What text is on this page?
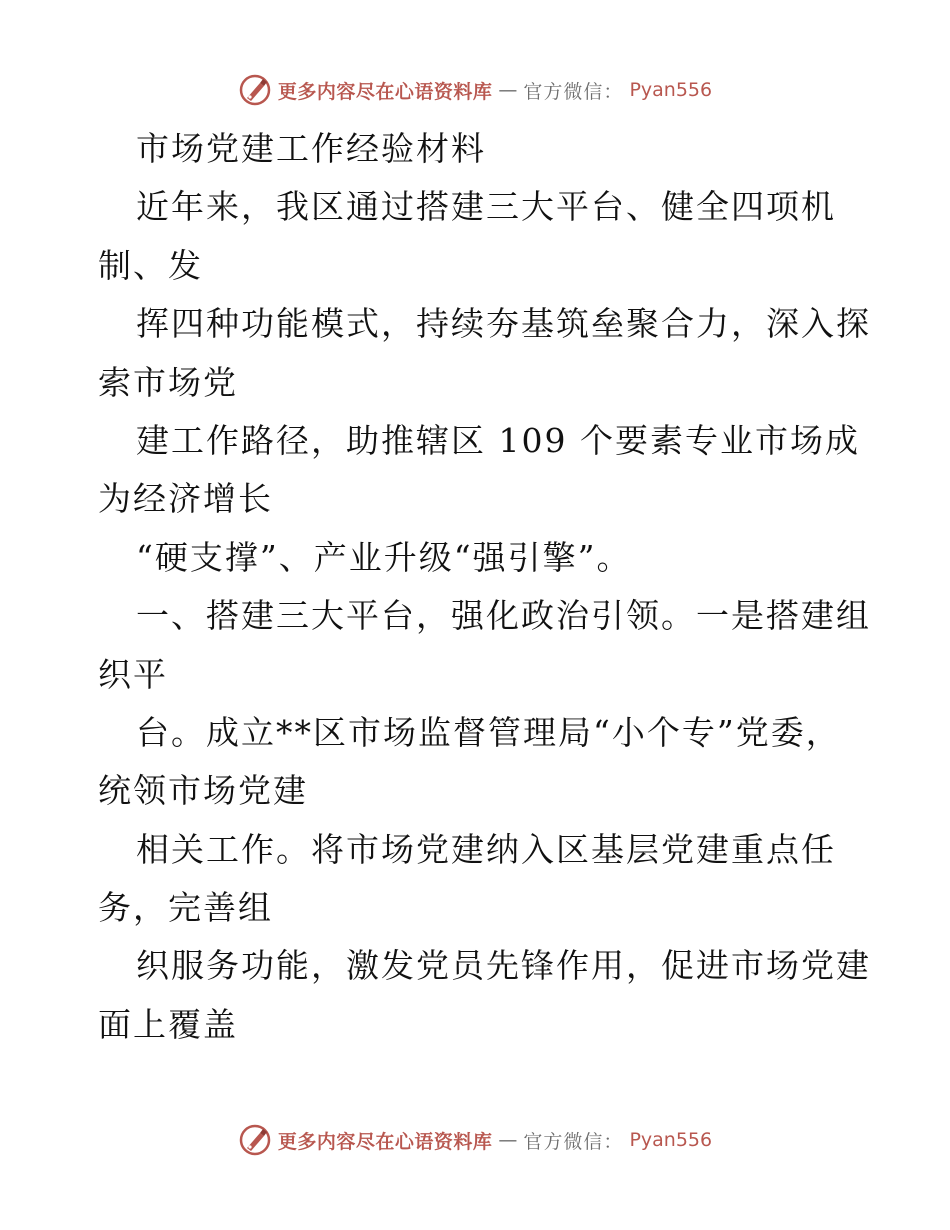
更多内容尽在心语资料库 — 官方微信： Pyan556
市场党建工作经验材料
近年来，我区通过搭建三大平台、健全四项机
制、发
挥四种功能模式，持续夯基筑垒聚合力，深入探
索市场党
建工作路径，助推辖区 109 个要素专业市场成
为经济增长
“硬支撑”、产业升级“强引擎”。
一、搭建三大平台，强化政治引领。一是搭建组
织平
台。成立**区市场监督管理局“小个专”党委，
统领市场党建
相关工作。将市场党建纳入区基层党建重点任
务，完善组
织服务功能，激发党员先锋作用，促进市场党建
面上覆盖
更多内容尽在心语资料库 — 官方微信： Pyan556
